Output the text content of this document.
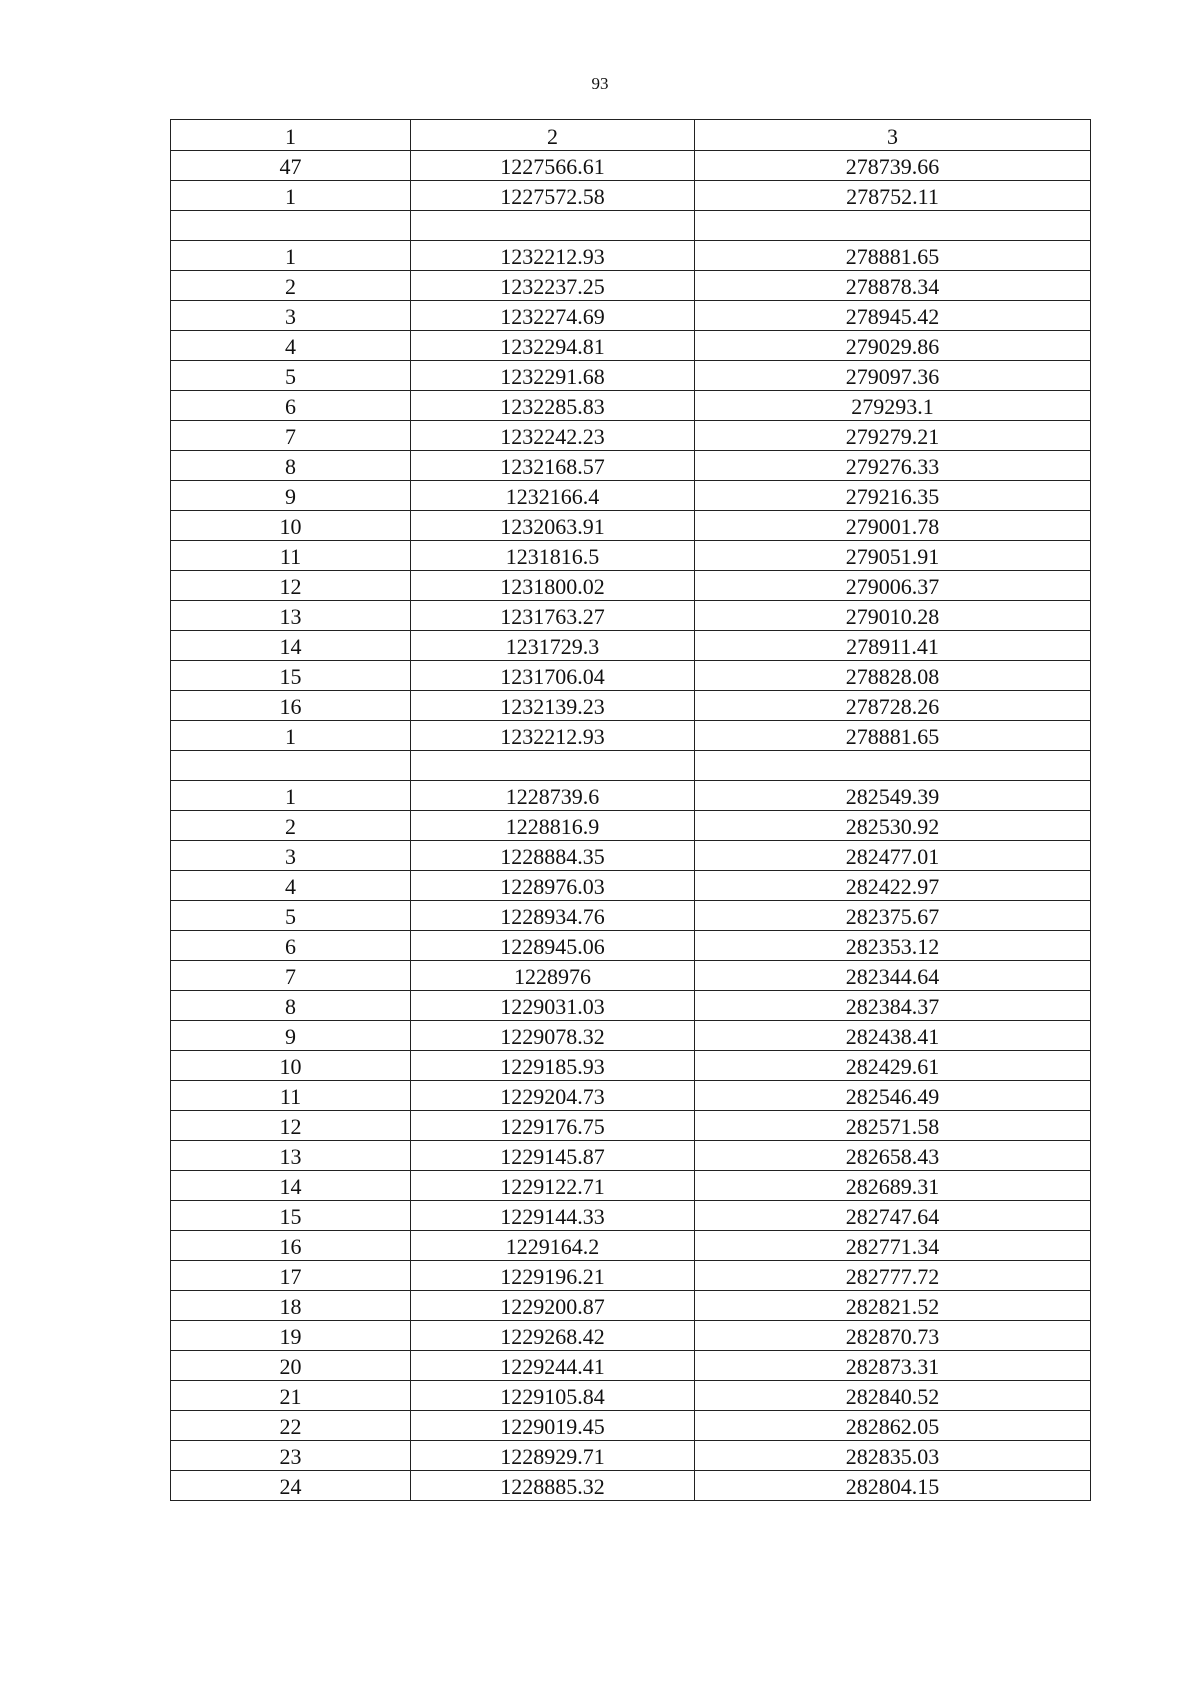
93
1	2	3
47	1227566.61	278739.66
1	1227572.58	278752.11

1	1232212.93	278881.65
2	1232237.25	278878.34
3	1232274.69	278945.42
4	1232294.81	279029.86
5	1232291.68	279097.36
6	1232285.83	279293.1
7	1232242.23	279279.21
8	1232168.57	279276.33
9	1232166.4	279216.35
10	1232063.91	279001.78
11	1231816.5	279051.91
12	1231800.02	279006.37
13	1231763.27	279010.28
14	1231729.3	278911.41
15	1231706.04	278828.08
16	1232139.23	278728.26
1	1232212.93	278881.65

1	1228739.6	282549.39
2	1228816.9	282530.92
3	1228884.35	282477.01
4	1228976.03	282422.97
5	1228934.76	282375.67
6	1228945.06	282353.12
7	1228976	282344.64
8	1229031.03	282384.37
9	1229078.32	282438.41
10	1229185.93	282429.61
11	1229204.73	282546.49
12	1229176.75	282571.58
13	1229145.87	282658.43
14	1229122.71	282689.31
15	1229144.33	282747.64
16	1229164.2	282771.34
17	1229196.21	282777.72
18	1229200.87	282821.52
19	1229268.42	282870.73
20	1229244.41	282873.31
21	1229105.84	282840.52
22	1229019.45	282862.05
23	1228929.71	282835.03
24	1228885.32	282804.15
